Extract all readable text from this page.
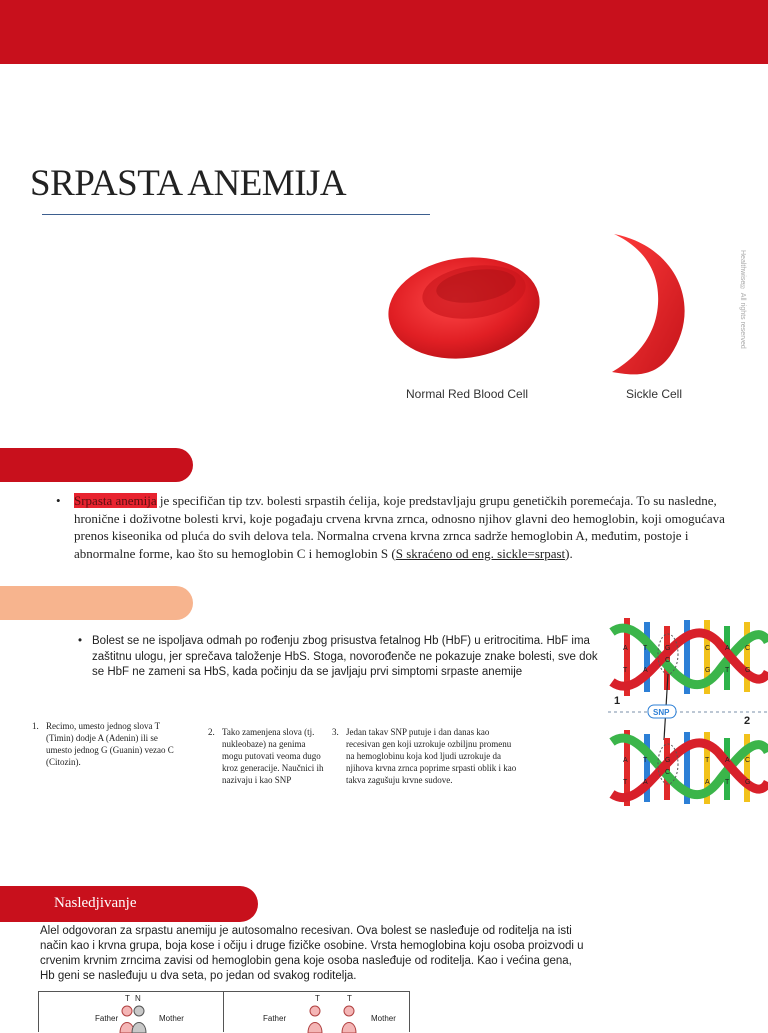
SRPASTA ANEMIJA
Normal Red Blood Cell	Sickle Cell
Healthwise® All rights reserved

• Srpasta anemija je specifičan tip tzv. bolesti srpastih ćelija, koje predstavljaju grupu genetičkih poremećaja. To su nasledne, hronične i doživotne bolesti krvi, koje pogađaju crvena krvna zrnca, odnosno njihov glavni deo hemoglobin, koji omogućava prenos kiseonika od pluća do svih delova tela. Normalna crvena krvna zrnca sadrže hemoglobin A, međutim, postoje i abnormalne forme, kao što su hemoglobin C i hemoglobin S (S skraćeno od eng. sickle=srpast).

• Bolest se ne ispoljava odmah po rođenju zbog prisustva fetalnog Hb (HbF) u eritrocitima. HbF ima zaštitnu ulogu, jer sprečava taloženje HbS. Stoga, novorođenče ne pokazuje znake bolesti, sve dok se HbF ne zameni sa HbS, kada počinju da se javljaju prvi simptomi srpaste anemije

1. Recimo, umesto jednog slova T (Timin) dodje A (Adenin) ili se umesto jednog G (Guanin) vezao C (Citozin).

2. Tako zamenjena slova (tj. nukleobaze) na genima mogu putovati veoma dugo kroz generacije. Naučnici ih nazivaju i kao SNP

3. Jedan takav SNP putuje i dan danas kao recesivan gen koji uzrokuje ozbiljnu promenu na hemoglobinu koja kod ljudi uzrokuje da njihova krvna zrnca poprime srpasti oblik i kao takva zagušuju krvne sudove.

1
A
T
T
A
G
C
C
G
A
T
C
G
SNP
2
A
T
T
A
G
C
T
A
A
T
C
G
Nasledjivanje

Alel odgovoran za srpastu anemiju je autosomalno recesivan. Ova bolest se nasleđuje od roditelja na isti način kao i krvna grupa, boja kose i očiju i druge fizičke osobine. Vrsta hemoglobina koju osoba proizvodi u crvenim krvnim zrncima zavisi od hemoglobin gena koje osoba nasleđuje od roditelja. Kao i većina gena, Hb geni se nasleđuju u dva seta, po jedan od svakog roditelja.

T
Father
N
Mother
T
Father
T
Mother
